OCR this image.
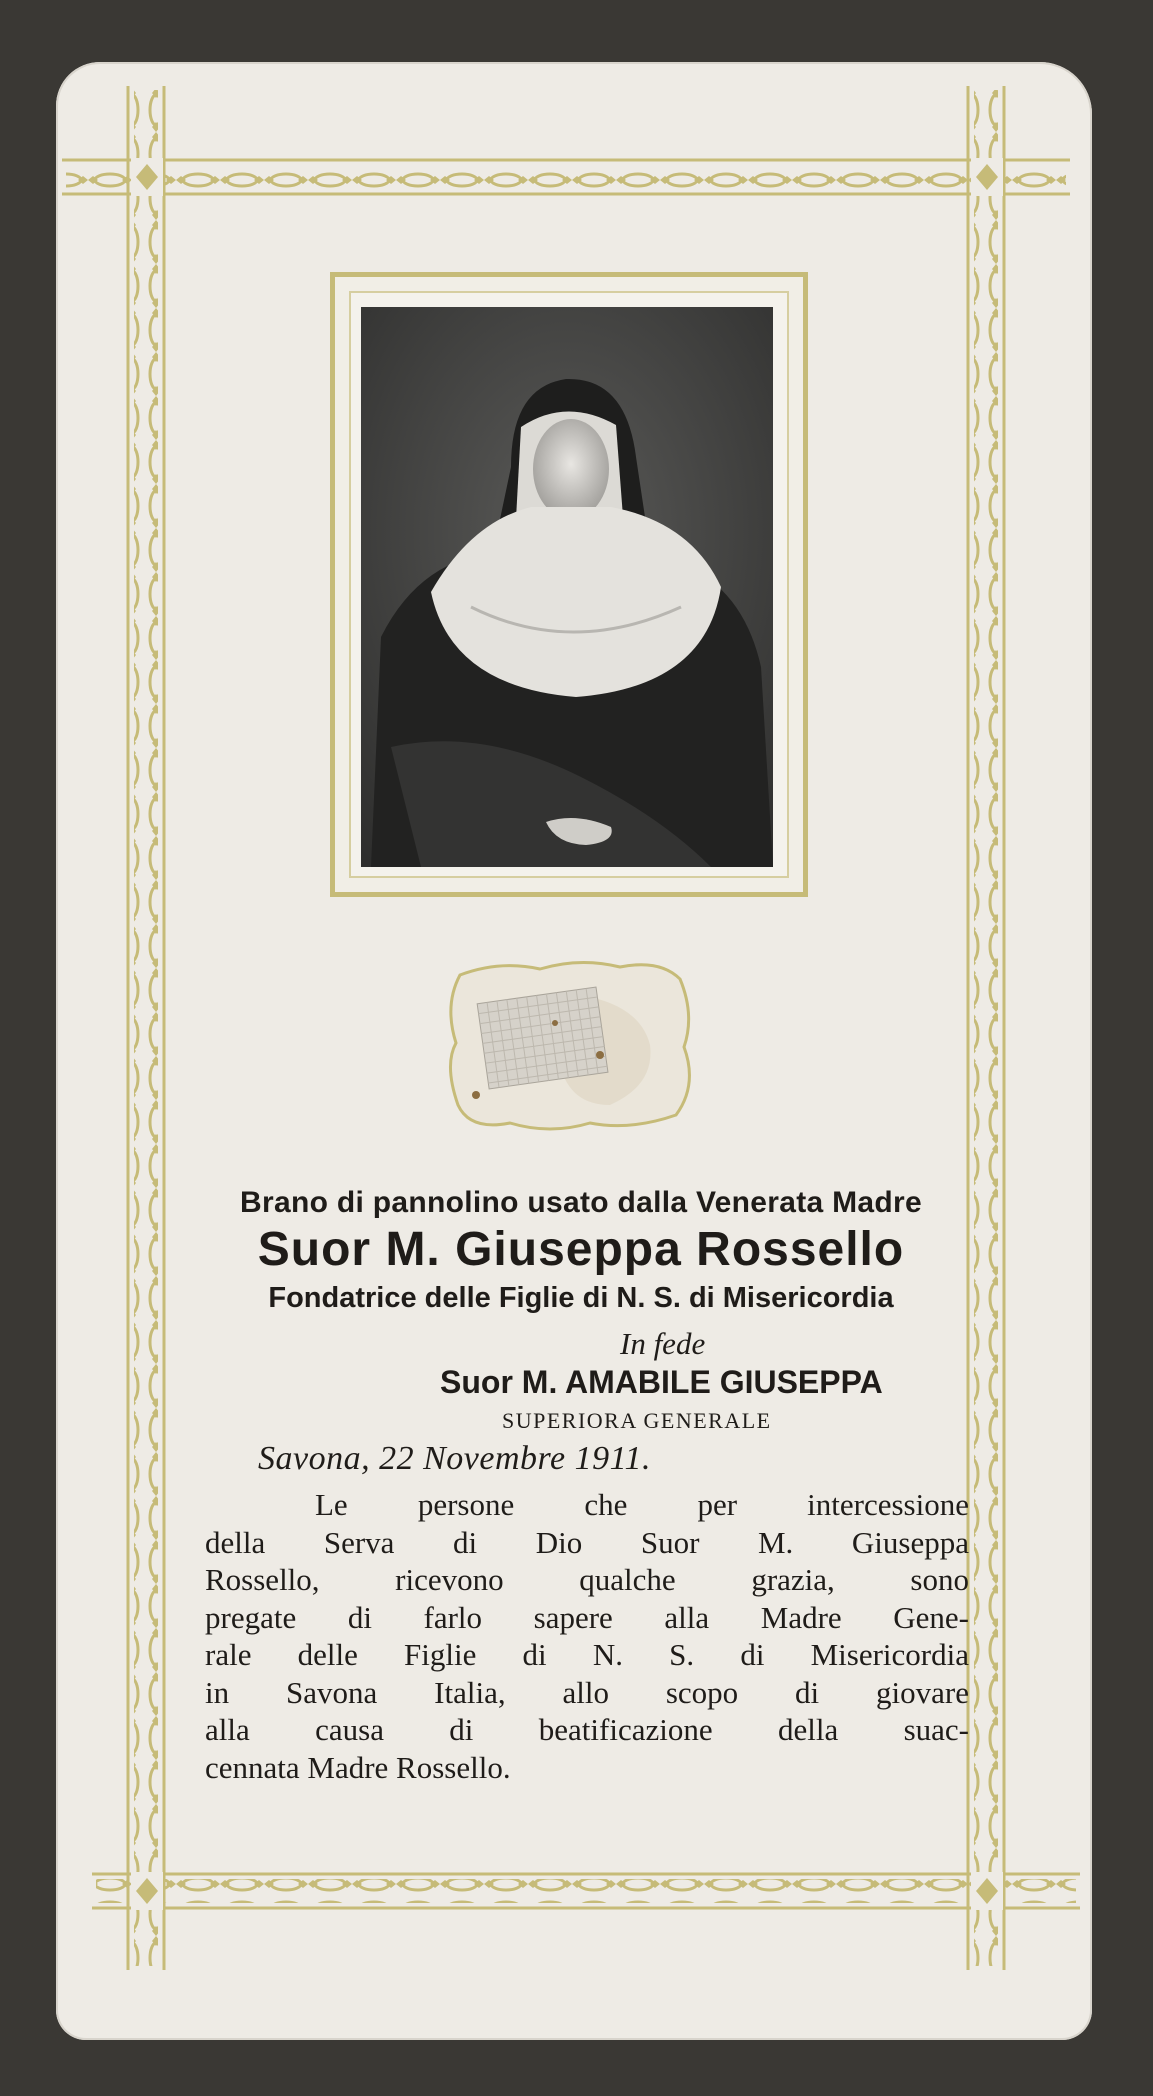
Brano di pannolino usato dalla Venerata Madre
Suor M. Giuseppa Rossello
Fondatrice delle Figlie di N. S. di Misericordia
In fede
Suor M. AMABILE GIUSEPPA
SUPERIORA GENERALE
Savona, 22 Novembre 1911.
Le persone che per intercessione
della Serva di Dio Suor M. Giuseppa
Rossello, ricevono qualche grazia, sono
pregate di farlo sapere alla Madre Gene-
rale delle Figlie di N. S. di Misericordia
in Savona Italia, allo scopo di giovare
alla causa di beatificazione della suac-
cennata Madre Rossello.
